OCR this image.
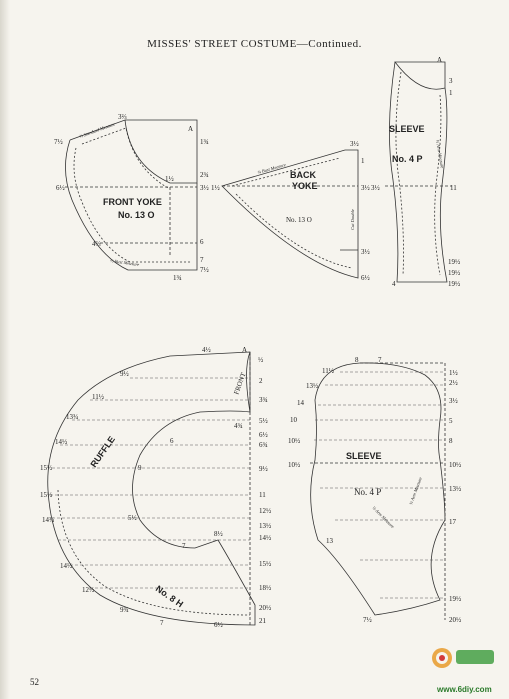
MISSES' STREET COSTUME—Continued.
FRONT YOKE
No. 13 O
A
3⅔
7½	1¾
2¾
1½
3½
6½
6
4⅔
7
7½
1¾
⅔ Standard Measure
⅔ Bust Measure
BACK
YOKE
No. 13 O
3½
1
1½	3½
3½
6½
¾ Bust Measure
Cut Double
SLEEVE
No. 4 P
A
3
1
3½	11
4
19½
19½
19½
½ Arm Measure
RUFFLE
FRONT
No. 8 H
4½	A
½
9½
11½
13¾
14½
15½
15½
14¾
14½
12½
9¾
7	6½	21
2
3¾
5½
6½
6¾
9½
11
12½
13½
14½
15½
18½
20½
4¾
6
8½
9
7
5½
SLEEVE
No. 4 P
8	7
11½
13½
14
10
10½
10½
13
7½
1½
2½
3½
5
8
10½
13½
17
19½
20½
½ Arm Measure
½ Arm Measure
52
www.6diy.com
